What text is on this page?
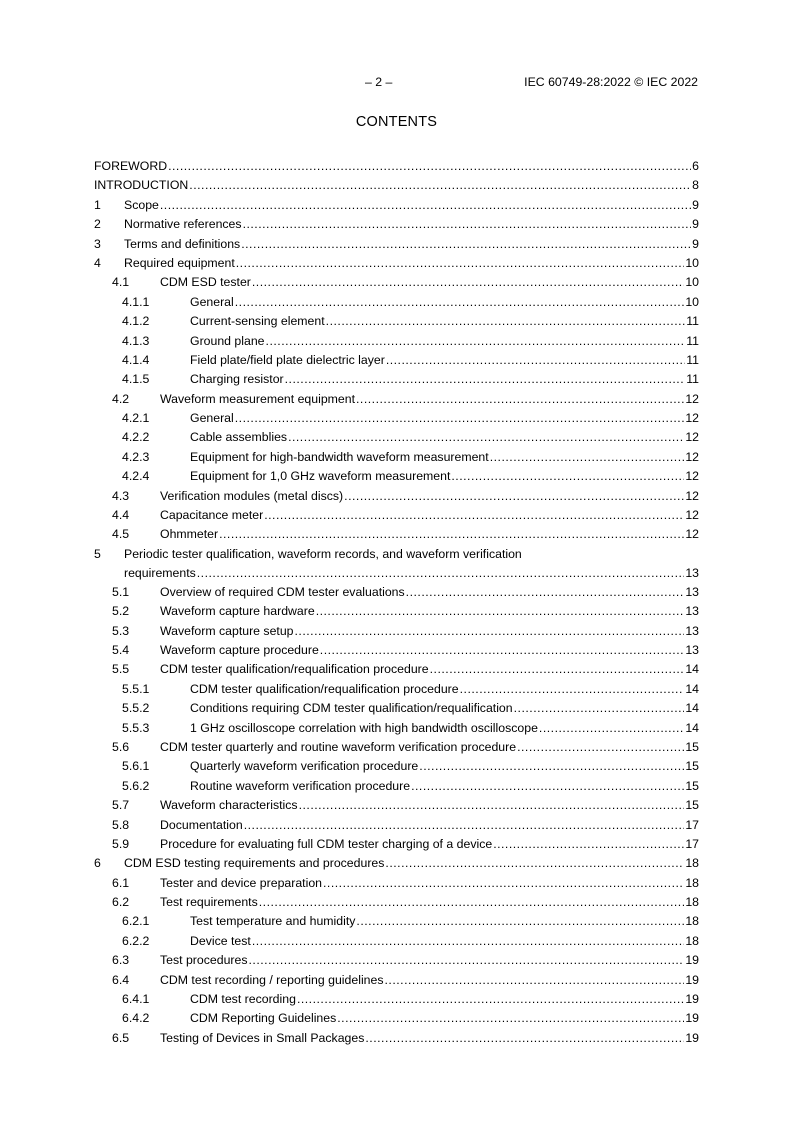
– 2 –	IEC 60749-28:2022 © IEC 2022
CONTENTS
FOREWORD .....	6
INTRODUCTION .....	8
1 Scope .....	9
2 Normative references .....	9
3 Terms and definitions .....	9
4 Required equipment .....	10
4.1	CDM ESD tester .....	10
4.1.1	General .....	10
4.1.2	Current-sensing element .....	11
4.1.3	Ground plane .....	11
4.1.4	Field plate/field plate dielectric layer .....	11
4.1.5	Charging resistor .....	11
4.2	Waveform measurement equipment .....	12
4.2.1	General .....	12
4.2.2	Cable assemblies .....	12
4.2.3	Equipment for high-bandwidth waveform measurement .....	12
4.2.4	Equipment for 1,0 GHz waveform measurement .....	12
4.3	Verification modules (metal discs) .....	12
4.4	Capacitance meter .....	12
4.5	Ohmmeter .....	12
5 Periodic tester qualification, waveform records, and waveform verification
requirements .....	13
5.1	Overview of required CDM tester evaluations .....	13
5.2	Waveform capture hardware .....	13
5.3	Waveform capture setup .....	13
5.4	Waveform capture procedure .....	13
5.5	CDM tester qualification/requalification procedure .....	14
5.5.1	CDM tester qualification/requalification procedure .....	14
5.5.2	Conditions requiring CDM tester qualification/requalification .....	14
5.5.3	1 GHz oscilloscope correlation with high bandwidth oscilloscope .....	14
5.6	CDM tester quarterly and routine waveform verification procedure .....	15
5.6.1	Quarterly waveform verification procedure .....	15
5.6.2	Routine waveform verification procedure .....	15
5.7	Waveform characteristics .....	15
5.8	Documentation .....	17
5.9	Procedure for evaluating full CDM tester charging of a device .....	17
6 CDM ESD testing requirements and procedures .....	18
6.1	Tester and device preparation .....	18
6.2	Test requirements .....	18
6.2.1	Test temperature and humidity .....	18
6.2.2	Device test .....	18
6.3	Test procedures .....	19
6.4	CDM test recording / reporting guidelines .....	19
6.4.1	CDM test recording .....	19
6.4.2	CDM Reporting Guidelines .....	19
6.5	Testing of Devices in Small Packages .....	19
